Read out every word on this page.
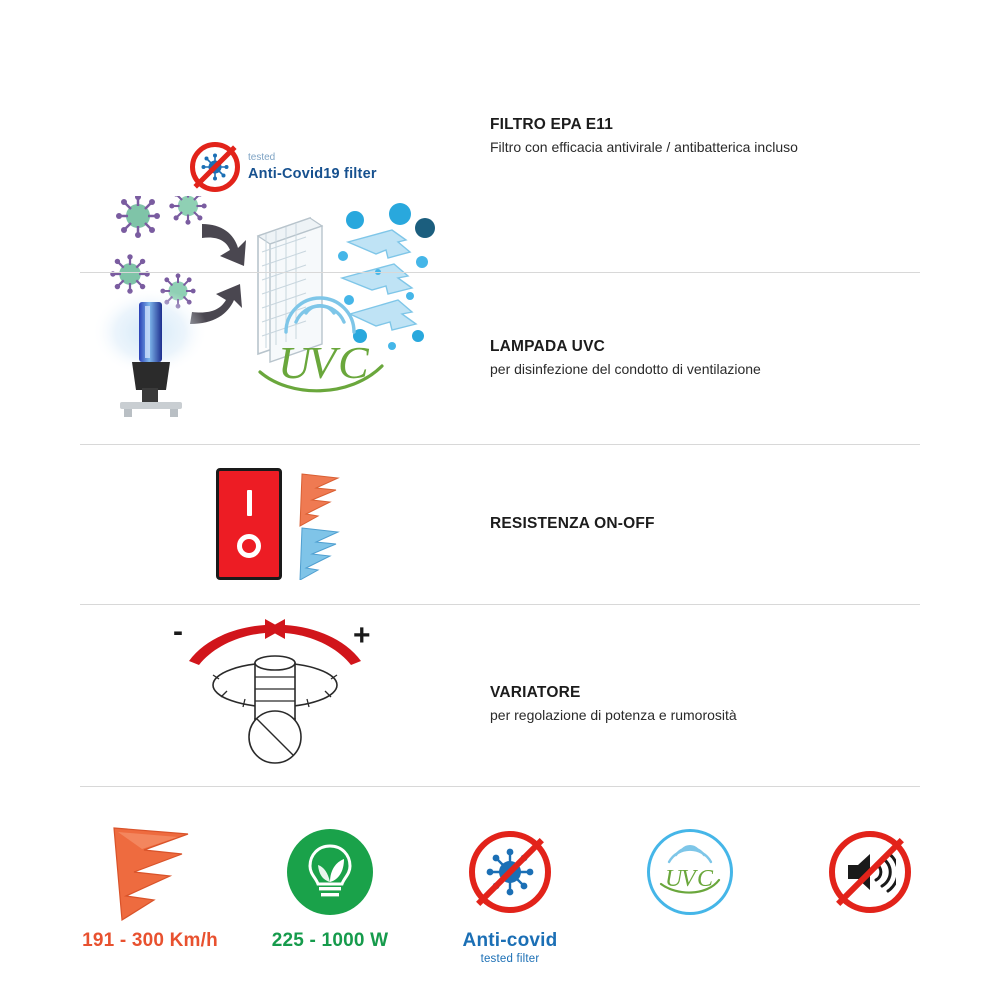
tested
Anti-Covid19 filter
FILTRO EPA E11
Filtro con efficacia antivirale / antibatterica incluso
U
V C	LAMPADA UVC
per disinfezione del condotto di ventilazione
RESISTENZA ON-OFF
-	+
VARIATORE
per regolazione di potenza e rumorosità
191 - 300 Km/h	225 - 1000 W	Anti-covid
tested filter
U
V C
